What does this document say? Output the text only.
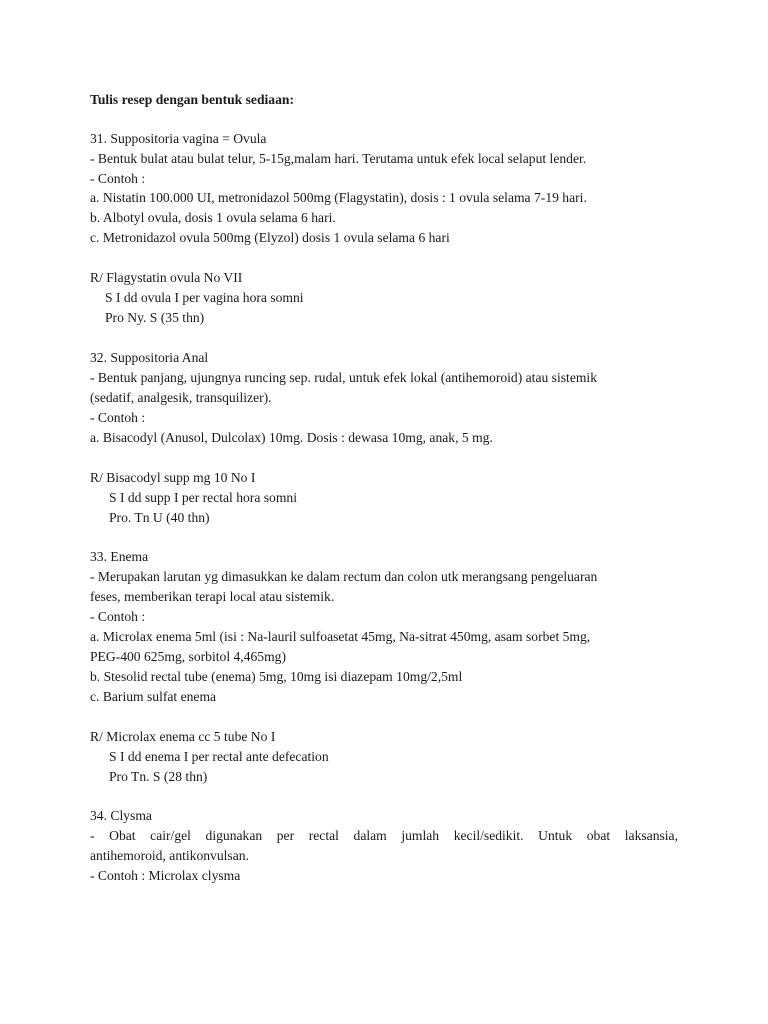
Tulis resep dengan bentuk sediaan:
31. Suppositoria vagina = Ovula
- Bentuk bulat atau bulat telur, 5-15g,malam hari. Terutama untuk efek local selaput lender.
- Contoh :
a. Nistatin 100.000 UI, metronidazol 500mg (Flagystatin), dosis : 1 ovula selama 7-19 hari.
b. Albotyl ovula, dosis 1 ovula selama 6 hari.
c. Metronidazol ovula 500mg (Elyzol) dosis 1 ovula selama 6 hari
R/ Flagystatin ovula No VII
S I dd ovula I per vagina hora somni
Pro Ny. S (35 thn)
32. Suppositoria Anal
- Bentuk panjang, ujungnya runcing sep. rudal, untuk efek lokal (antihemoroid) atau sistemik
(sedatif, analgesik, transquilizer).
- Contoh :
a. Bisacodyl (Anusol, Dulcolax) 10mg. Dosis : dewasa 10mg, anak, 5 mg.
R/ Bisacodyl supp mg 10 No I
S I dd supp I per rectal hora somni
Pro. Tn U (40 thn)
33. Enema
- Merupakan larutan yg dimasukkan ke dalam rectum dan colon utk merangsang pengeluaran
feses, memberikan terapi local atau sistemik.
- Contoh :
a. Microlax enema 5ml (isi : Na-lauril sulfoasetat 45mg, Na-sitrat 450mg, asam sorbet 5mg,
PEG-400 625mg, sorbitol 4,465mg)
b. Stesolid rectal tube (enema) 5mg, 10mg isi diazepam 10mg/2,5ml
c. Barium sulfat enema
R/ Microlax enema cc 5 tube No I
S I dd enema I per rectal ante defecation
Pro Tn. S (28 thn)
34. Clysma
- Obat cair/gel digunakan per rectal dalam jumlah kecil/sedikit. Untuk obat laksansia,
antihemoroid, antikonvulsan.
- Contoh : Microlax clysma
